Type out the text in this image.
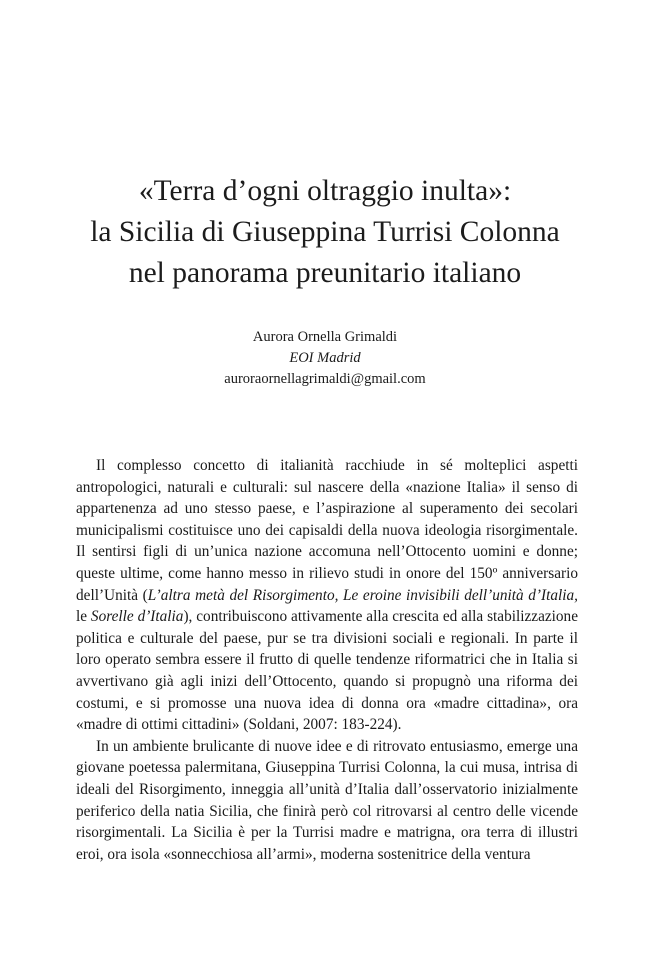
«Terra d’ogni oltraggio inulta»:
la Sicilia di Giuseppina Turrisi Colonna
nel panorama preunitario italiano
Aurora Ornella Grimaldi
EOI Madrid
auroraornellagrimaldi@gmail.com

Il complesso concetto di italianità racchiude in sé molteplici aspetti antropologici, naturali e culturali: sul nascere della «nazione Italia» il senso di appartenenza ad uno stesso paese, e l’aspirazione al superamento dei secolari municipalismi costituisce uno dei capisaldi della nuova ideologia risorgimentale. Il sentirsi figli di un’unica nazione accomuna nell’Ottocento uomini e donne; queste ultime, come hanno messo in rilievo studi in onore del 150º anniversario dell’Unità (L’altra metà del Risorgimento, Le eroine invisibili dell’unità d’Italia, le Sorelle d’Italia), contribuiscono attivamente alla crescita ed alla stabilizzazione politica e culturale del paese, pur se tra divisioni sociali e regionali. In parte il loro operato sembra essere il frutto di quelle tendenze riformatrici che in Italia si avvertivano già agli inizi dell’Ottocento, quando si propugnò una riforma dei costumi, e si promosse una nuova idea di donna ora «madre cittadina», ora «madre di ottimi cittadini» (Soldani, 2007: 183-224).

In un ambiente brulicante di nuove idee e di ritrovato entusiasmo, emerge una giovane poetessa palermitana, Giuseppina Turrisi Colonna, la cui musa, intrisa di ideali del Risorgimento, inneggia all’unità d’Italia dall’osservatorio inizialmente periferico della natia Sicilia, che finirà però col ritrovarsi al centro delle vicende risorgimentali. La Sicilia è per la Turrisi madre e matrigna, ora terra di illustri eroi, ora isola «sonnecchiosa all’armi», moderna sostenitrice della ventura
